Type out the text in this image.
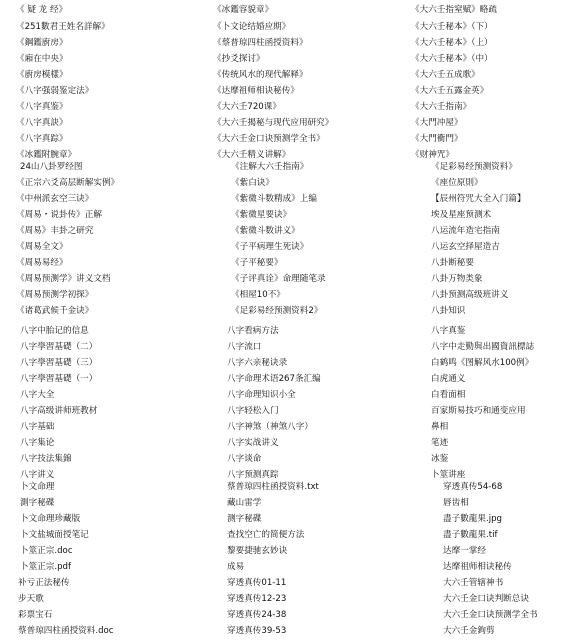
《 疑 龙 经》
《251數君王姓名詳解》
《鋼鑑廚房》
《廂在中央》
《廚房模樣》
《八字强弱鉴定法》
《八字真鉴》
《八字真訣》
《八字真踪》
《冰鑑附腕章》
24山八卦罗经图
《正宗六爻高层断解实例》
《中州派玄空三诀》
《周易・说卦传》正解
《周易》丰卦之研究
《周易全文》
《周易易经》
《周易预测学》讲义文档
《周易预测学初探》
《诸葛武候千金诀》
八字中胎记的信息
八字學習基礎（二）
八字學習基礎（三）
八字學習基礎（一）
八字大全
八字高级讲师班教材
八字基础
八字集论
八字技法集錦
八字讲义
卜文命理
測字秘碟
卜文命理珍藏版
卜文盐城面授笔记
卜筮正宗.doc
卜筮正宗.pdf
补亏正法秘传
步天歌
彩票宝石
蔡普琼四柱函授资料.doc
《冰鑑容貌章》
《卜文论结婚应期》
《蔡普琼四柱函授资料》
《抄爻探讨》
《传统风水的现代解释》
《达摩祖师相诀秘传》
《大六壬720课》
《大六壬揭秘与现代应用研究》
《大六壬金口诀预测学全书》
《大六壬精义讲解》
《注解大六壬指南》
《紫白诀》
《紫微斗数精成》上编
《紫微星要诀》
《紫微斗数讲义》
《子平病理生死诀》
《子平秘要》
《子评真诠》命理随笔录
《相屋10不》
《足彩易经预测资料2》
八字看病方法
八字流口
八字六亲秘诀录
八字命理术语267条汇编
八字命理知识小全
八字轻松入门
八字神煞（神煞八字）
八字实战讲义
八字谈命
八字预测真踪
蔡普琼四柱函授资料.txt
藏山雷学
测字秘碟
查找空亡的简便方法
黎要捷驰玄妙诀
成易
穿透真传01-11
穿透真传12-23
穿透真传24-38
穿透真传39-53
《大六壬指窒赋》略疏
《大六壬秘本》（下）
《大六壬秘本》（上）
《大六壬秘本》（中）
《大六壬五成歌》
《大六壬五露金英》
《大六壬指南》
《大門冲屋》
《大門衝門》
《财神咒》
《足彩易经预测资料》
《座位原則》
【辰州符咒大全入门篇】
埃及星座预测术
八运流年造宅指南
八运玄空择屋造吉
八卦断秘要
八卦万物类象
八卦预测高级班讲义
八卦知识
八字真鉴
八字中走勤與出國資訊標誌
白鹤鸣《图解风水100例》
白虎通义
白看面相
百家斯易技巧和通变应用
鼻相
笔迹
冰鉴
卜筮讲座
穿透真传54-68
唇齿相
盡子數龍果.jpg
盡子數龍果.tif
达摩一掌经
达摩祖师相诀秘传
大六壬管辖神书
大六壬金口诀判断总诀
大六壬金口诀预测学全书
大六壬金鉤剪
